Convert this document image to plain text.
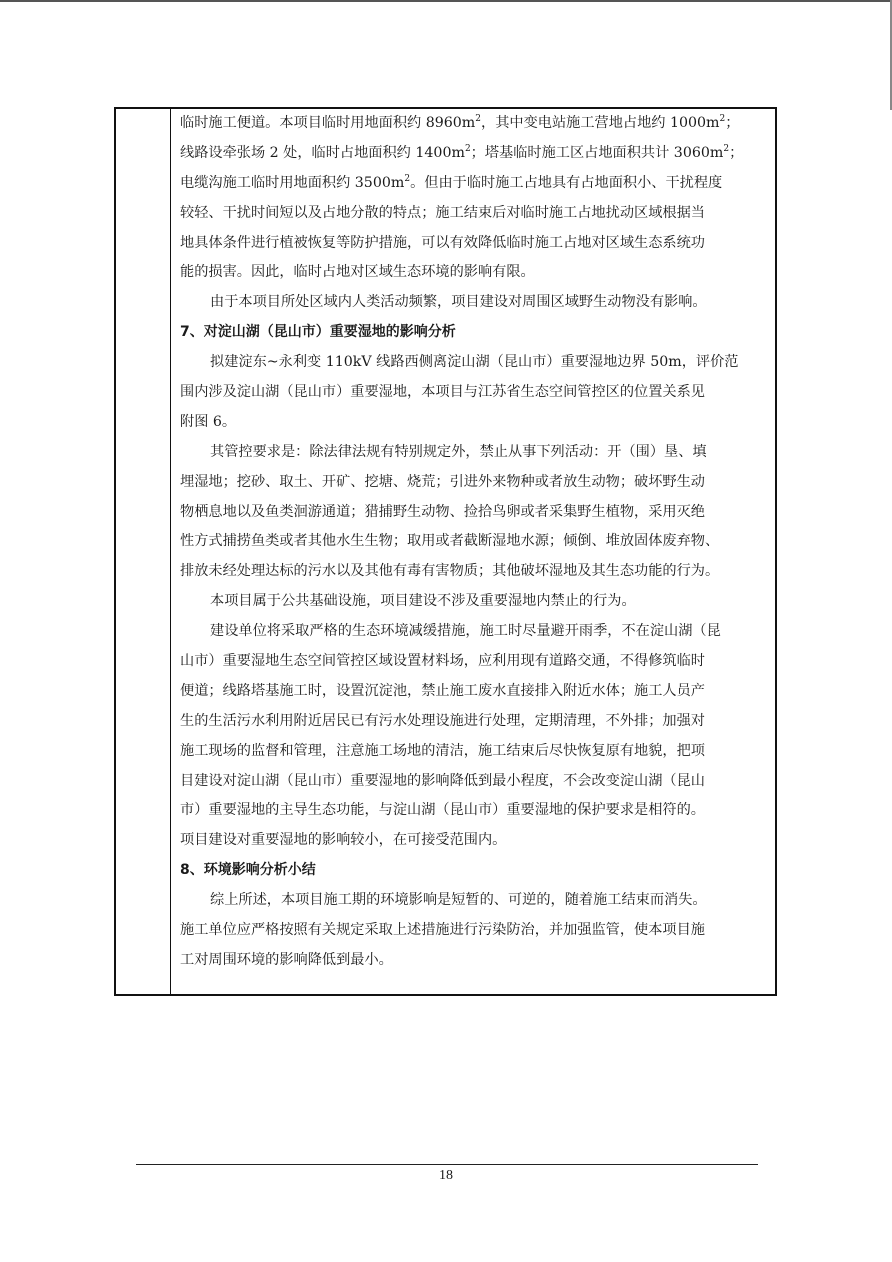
临时施工便道。本项目临时用地面积约 $8960m^2$，其中变电站施工营地占地约 $1000m^2$；
线路设牵张场 2 处，临时占地面积约 $1400m^2$；塔基临时施工区占地面积共计 $3060m^2$；
电缆沟施工临时用地面积约 $3500m^2$。但由于临时施工占地具有占地面积小、干扰程度
较轻、干扰时间短以及占地分散的特点；施工结束后对临时施工占地扰动区域根据当
地具体条件进行植被恢复等防护措施，可以有效降低临时施工占地对区域生态系统功
能的损害。因此，临时占地对区域生态环境的影响有限。
由于本项目所处区域内人类活动频繁，项目建设对周围区域野生动物没有影响。
7、对淀山湖（昆山市）重要湿地的影响分析
拟建淀东~永利变 110kV 线路西侧离淀山湖（昆山市）重要湿地边界 50m，评价范
围内涉及淀山湖（昆山市）重要湿地，本项目与江苏省生态空间管控区的位置关系见
附图 6。
其管控要求是：除法律法规有特别规定外，禁止从事下列活动：开（围）垦、填
埋湿地；挖砂、取土、开矿、挖塘、烧荒；引进外来物种或者放生动物；破坏野生动
物栖息地以及鱼类洄游通道；猎捕野生动物、捡拾鸟卵或者采集野生植物，采用灭绝
性方式捕捞鱼类或者其他水生生物；取用或者截断湿地水源；倾倒、堆放固体废弃物、
排放未经处理达标的污水以及其他有毒有害物质；其他破坏湿地及其生态功能的行为。
本项目属于公共基础设施，项目建设不涉及重要湿地内禁止的行为。
建设单位将采取严格的生态环境减缓措施，施工时尽量避开雨季，不在淀山湖（昆
山市）重要湿地生态空间管控区域设置材料场，应利用现有道路交通，不得修筑临时
便道；线路塔基施工时，设置沉淀池，禁止施工废水直接排入附近水体；施工人员产
生的生活污水利用附近居民已有污水处理设施进行处理，定期清理，不外排；加强对
施工现场的监督和管理，注意施工场地的清洁，施工结束后尽快恢复原有地貌，把项
目建设对淀山湖（昆山市）重要湿地的影响降低到最小程度，不会改变淀山湖（昆山
市）重要湿地的主导生态功能，与淀山湖（昆山市）重要湿地的保护要求是相符的。
项目建设对重要湿地的影响较小，在可接受范围内。
8、环境影响分析小结
综上所述，本项目施工期的环境影响是短暂的、可逆的，随着施工结束而消失。
施工单位应严格按照有关规定采取上述措施进行污染防治，并加强监管，使本项目施
工对周围环境的影响降低到最小。
18
